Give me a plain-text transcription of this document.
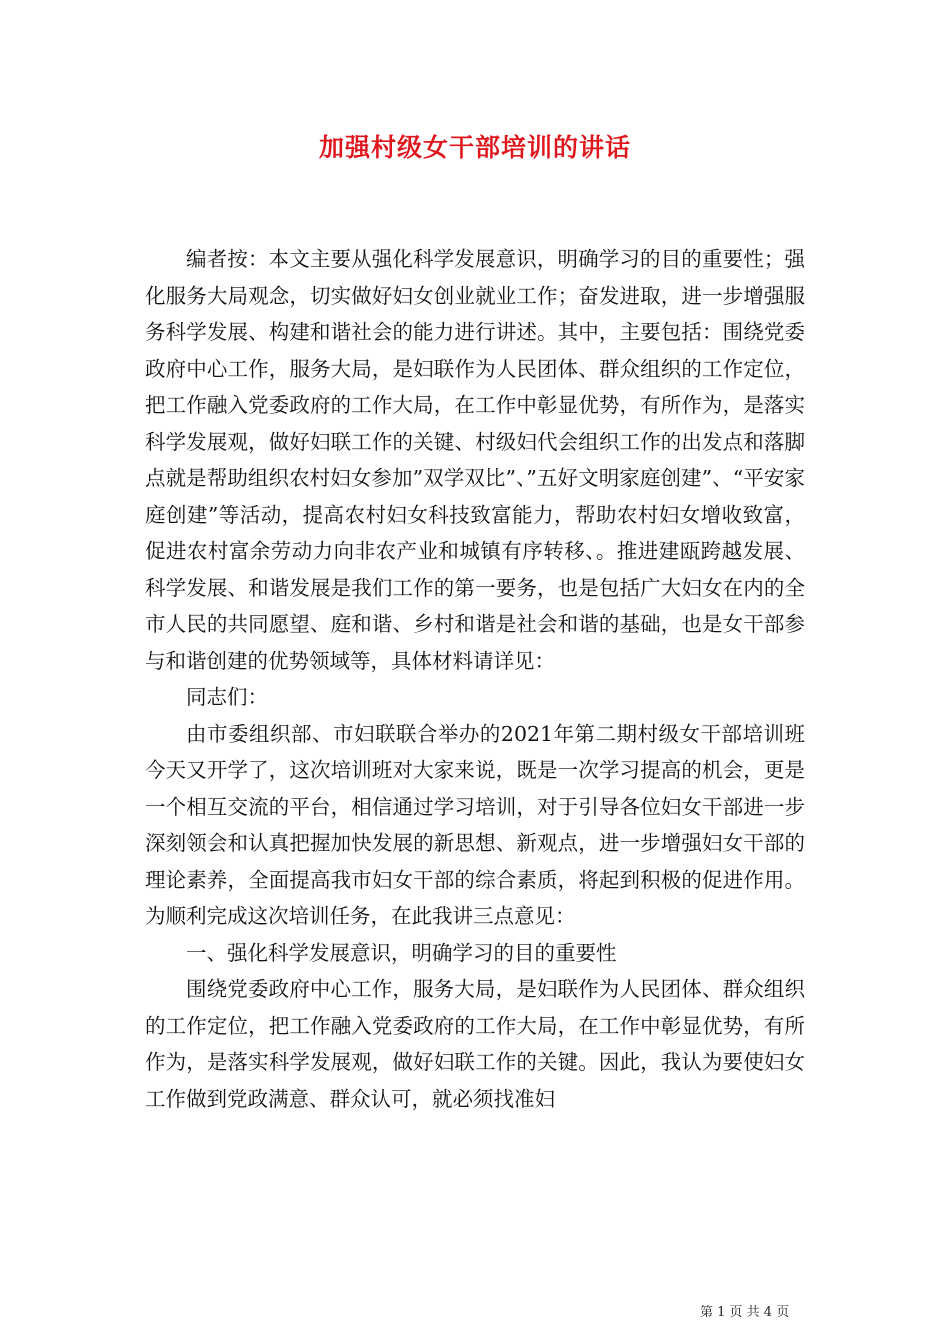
加强村级女干部培训的讲话

编者按：本文主要从强化科学发展意识，明确学习的目的重要性；强化服务大局观念，切实做好妇女创业就业工作；奋发进取，进一步增强服务科学发展、构建和谐社会的能力进行讲述。其中，主要包括：围绕党委政府中心工作，服务大局，是妇联作为人民团体、群众组织的工作定位，把工作融入党委政府的工作大局，在工作中彰显优势，有所作为，是落实科学发展观，做好妇联工作的关键、村级妇代会组织工作的出发点和落脚点就是帮助组织农村妇女参加”双学双比”、”五好文明家庭创建”、“平安家庭创建”等活动，提高农村妇女科技致富能力，帮助农村妇女增收致富，促进农村富余劳动力向非农产业和城镇有序转移、。推进建瓯跨越发展、科学发展、和谐发展是我们工作的第一要务，也是包括广大妇女在内的全市人民的共同愿望、庭和谐、乡村和谐是社会和谐的基础，也是女干部参与和谐创建的优势领域等，具体材料请详见：

同志们：

由市委组织部、市妇联联合举办的2021年第二期村级女干部培训班今天又开学了，这次培训班对大家来说，既是一次学习提高的机会，更是一个相互交流的平台，相信通过学习培训，对于引导各位妇女干部进一步深刻领会和认真把握加快发展的新思想、新观点，进一步增强妇女干部的理论素养，全面提高我市妇女干部的综合素质，将起到积极的促进作用。为顺利完成这次培训任务，在此我讲三点意见：

一、强化科学发展意识，明确学习的目的重要性

围绕党委政府中心工作，服务大局，是妇联作为人民团体、群众组织的工作定位，把工作融入党委政府的工作大局，在工作中彰显优势，有所作为，是落实科学发展观，做好妇联工作的关键。因此，我认为要使妇女工作做到党政满意、群众认可，就必须找准妇

第 1 页 共 4 页
